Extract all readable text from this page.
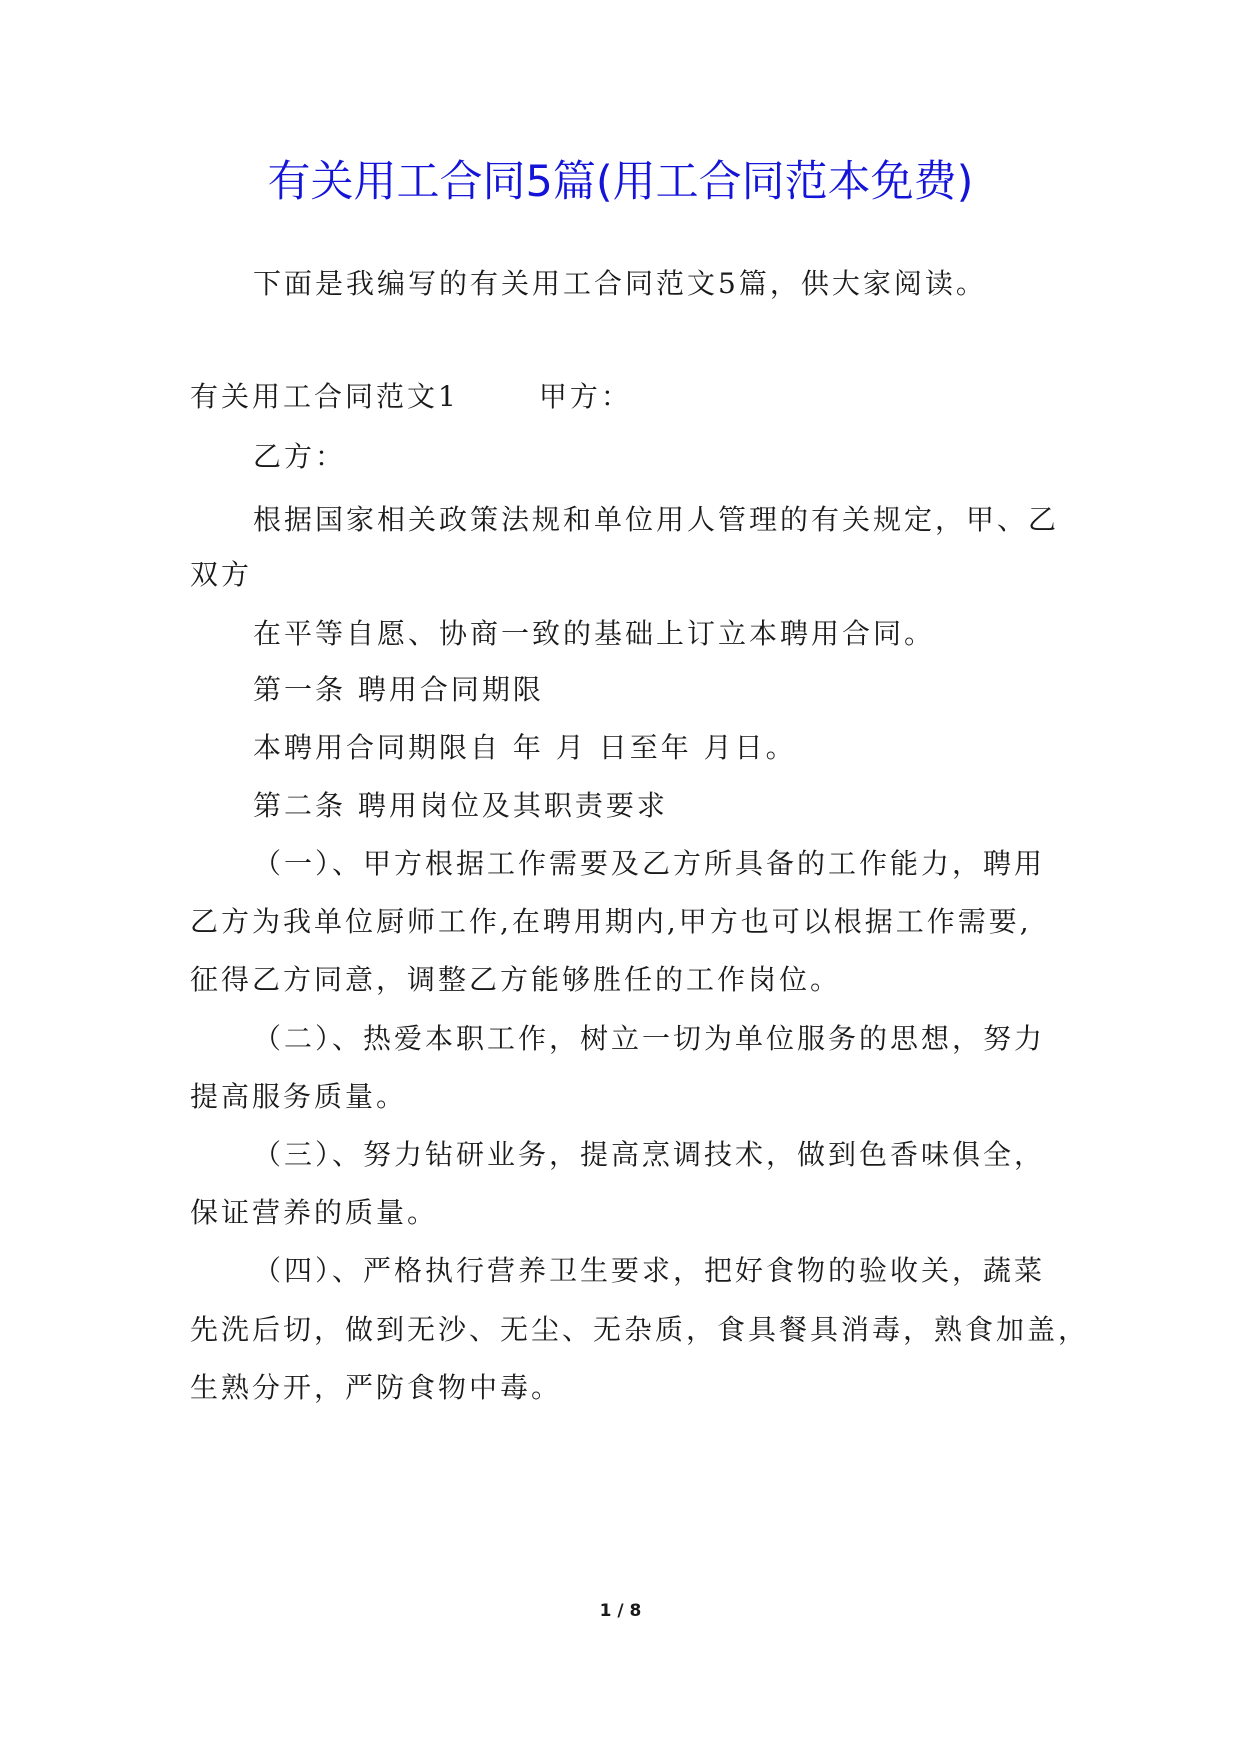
有关用工合同5篇(用工合同范本免费)
下面是我编写的有关用工合同范文5篇，供大家阅读。
有关用工合同范文1	甲方：
乙方：
根据国家相关政策法规和单位用人管理的有关规定，甲、乙
双方
在平等自愿、协商一致的基础上订立本聘用合同。
第一条 聘用合同期限
本聘用合同期限自 年 月 日至年 月日。
第二条 聘用岗位及其职责要求
（一）、甲方根据工作需要及乙方所具备的工作能力，聘用
乙方为我单位厨师工作,在聘用期内,甲方也可以根据工作需要,
征得乙方同意，调整乙方能够胜任的工作岗位。
（二）、热爱本职工作，树立一切为单位服务的思想，努力
提高服务质量。
（三）、努力钻研业务，提高烹调技术，做到色香味俱全，
保证营养的质量。
（四）、严格执行营养卫生要求，把好食物的验收关，蔬菜
先洗后切，做到无沙、无尘、无杂质，食具餐具消毒，熟食加盖，
生熟分开，严防食物中毒。
1 / 8
